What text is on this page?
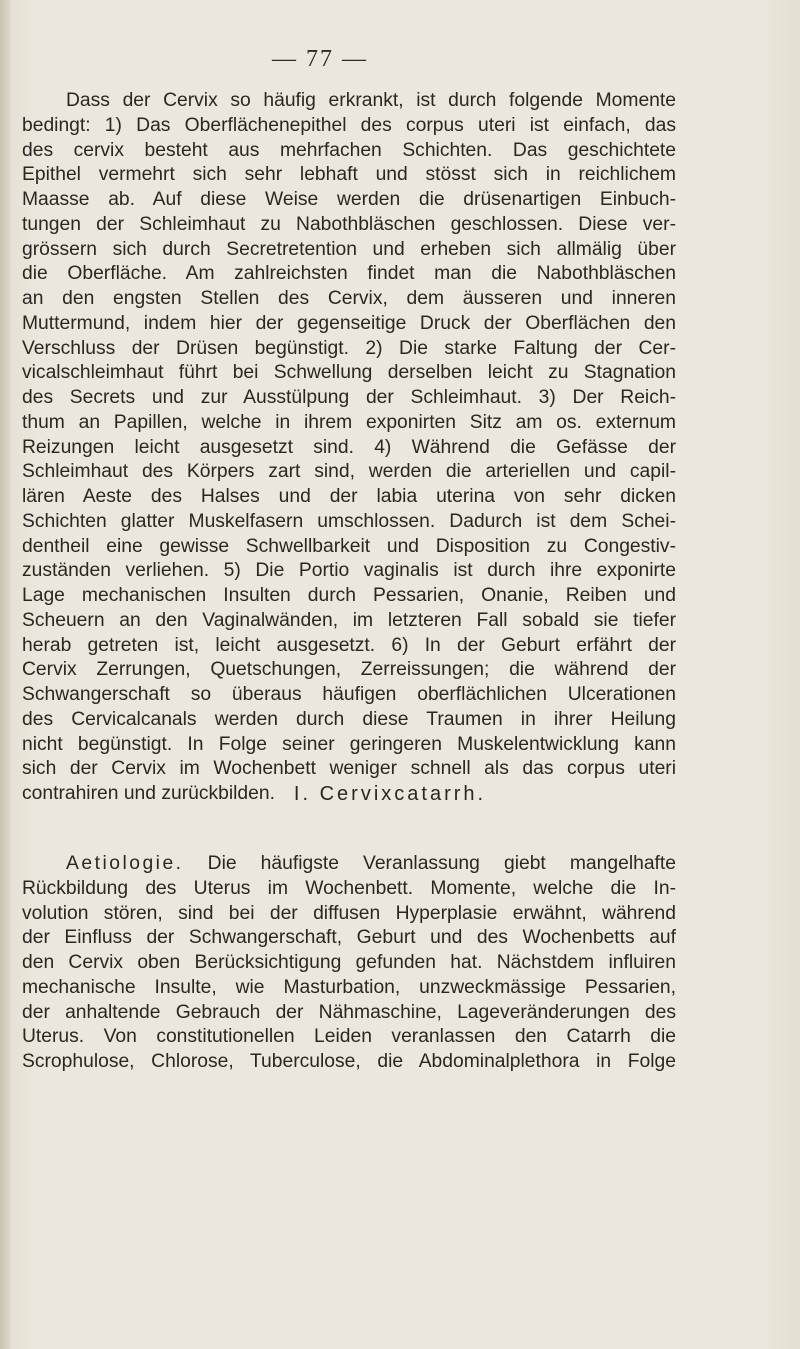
— 77 —
Dass der Cervix so häufig erkrankt, ist durch folgende Momente
bedingt: 1) Das Oberflächenepithel des corpus uteri ist einfach, das
des cervix besteht aus mehrfachen Schichten. Das geschichtete
Epithel vermehrt sich sehr lebhaft und stösst sich in reichlichem
Maasse ab. Auf diese Weise werden die drüsenartigen Einbuch-
tungen der Schleimhaut zu Nabothbläschen geschlossen. Diese ver-
grössern sich durch Secretretention und erheben sich allmälig über
die Oberfläche. Am zahlreichsten findet man die Nabothbläschen
an den engsten Stellen des Cervix, dem äusseren und inneren
Muttermund, indem hier der gegenseitige Druck der Oberflächen den
Verschluss der Drüsen begünstigt. 2) Die starke Faltung der Cer-
vicalschleimhaut führt bei Schwellung derselben leicht zu Stagnation
des Secrets und zur Ausstülpung der Schleimhaut. 3) Der Reich-
thum an Papillen, welche in ihrem exponirten Sitz am os. externum
Reizungen leicht ausgesetzt sind. 4) Während die Gefässe der
Schleimhaut des Körpers zart sind, werden die arteriellen und capil-
lären Aeste des Halses und der labia uterina von sehr dicken
Schichten glatter Muskelfasern umschlossen. Dadurch ist dem Schei-
dentheil eine gewisse Schwellbarkeit und Disposition zu Congestiv-
zuständen verliehen. 5) Die Portio vaginalis ist durch ihre exponirte
Lage mechanischen Insulten durch Pessarien, Onanie, Reiben und
Scheuern an den Vaginalwänden, im letzteren Fall sobald sie tiefer
herab getreten ist, leicht ausgesetzt. 6) In der Geburt erfährt der
Cervix Zerrungen, Quetschungen, Zerreissungen; die während der
Schwangerschaft so überaus häufigen oberflächlichen Ulcerationen
des Cervicalcanals werden durch diese Traumen in ihrer Heilung
nicht begünstigt. In Folge seiner geringeren Muskelentwicklung kann
sich der Cervix im Wochenbett weniger schnell als das corpus uteri
contrahiren und zurückbilden. I. Cervixcatarrh.
Aetiologie. Die häufigste Veranlassung giebt mangelhafte
Rückbildung des Uterus im Wochenbett. Momente, welche die In-
volution stören, sind bei der diffusen Hyperplasie erwähnt, während
der Einfluss der Schwangerschaft, Geburt und des Wochenbetts auf
den Cervix oben Berücksichtigung gefunden hat. Nächstdem influiren
mechanische Insulte, wie Masturbation, unzweckmässige Pessarien,
der anhaltende Gebrauch der Nähmaschine, Lageveränderungen des
Uterus. Von constitutionellen Leiden veranlassen den Catarrh die
Scrophulose, Chlorose, Tuberculose, die Abdominalplethora in Folge
